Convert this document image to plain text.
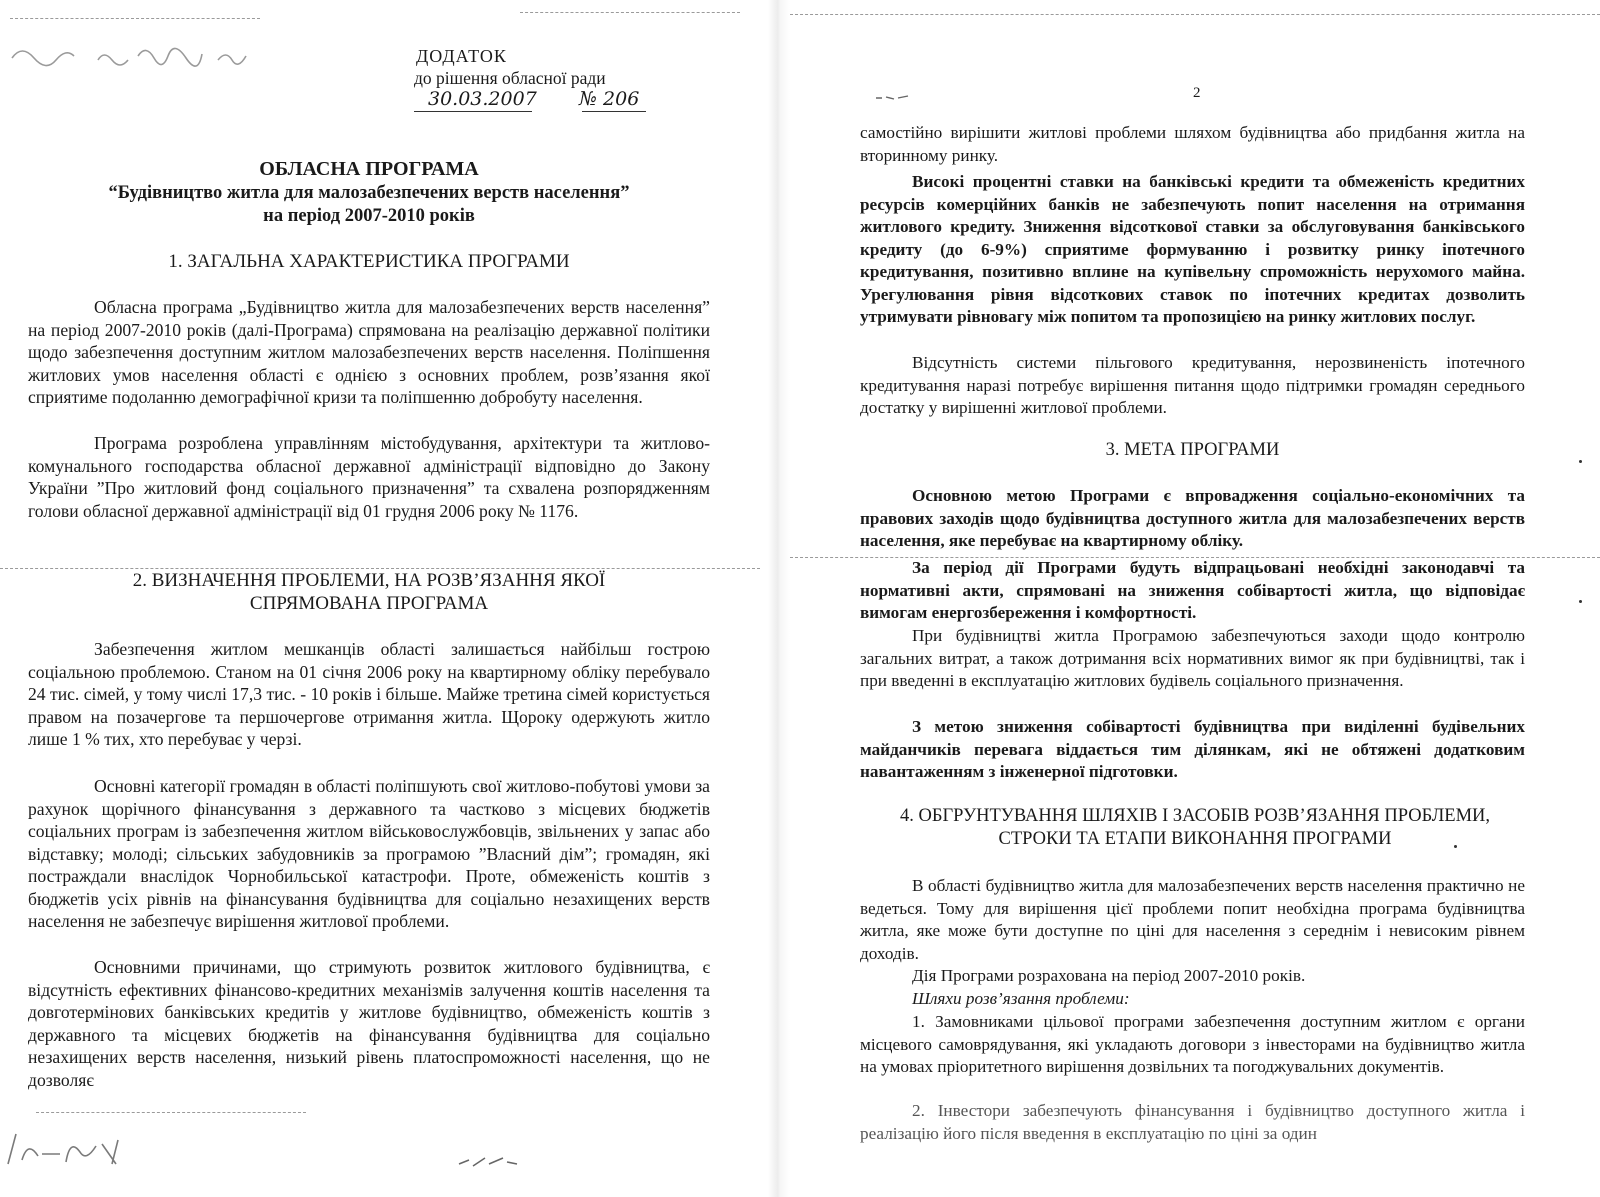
ДОДАТОК

до рішення обласної ради

30.03.2007 № 206

ОБЛАСНА ПРОГРАМА

“Будівництво житла для малозабезпечених верств населення”

на період 2007-2010 років

1. ЗАГАЛЬНА ХАРАКТЕРИСТИКА ПРОГРАМИ

Обласна програма „Будівництво житла для малозабезпечених верств населення” на період 2007-2010 років (далі-Програма) спрямована на реалізацію державної політики щодо забезпечення доступним житлом малозабезпечених верств населення. Поліпшення житлових умов населення області є однією з основних проблем, розв’язання якої сприятиме подоланню демографічної кризи та поліпшенню добробуту населення.

Програма розроблена управлінням містобудування, архітектури та житлово-комунального господарства обласної державної адміністрації відповідно до Закону України ”Про житловий фонд соціального призначення” та схвалена розпорядженням голови обласної державної адміністрації від 01 грудня 2006 року № 1176.

2. ВИЗНАЧЕННЯ ПРОБЛЕМИ, НА РОЗВ’ЯЗАННЯ ЯКОЇ

СПРЯМОВАНА ПРОГРАМА

Забезпечення житлом мешканців області залишається найбільш гострою соціальною проблемою. Станом на 01 січня 2006 року на квартирному обліку перебувало 24 тис. сімей, у тому числі 17,3 тис. - 10 років і більше. Майже третина сімей користується правом на позачергове та першочергове отримання житла. Щороку одержують житло лише 1 % тих, хто перебуває у черзі.

Основні категорії громадян в області поліпшують свої житлово-побутові умови за рахунок щорічного фінансування з державного та частково з місцевих бюджетів соціальних програм із забезпечення житлом військовослужбовців, звільнених у запас або відставку; молоді; сільських забудовників за програмою ”Власний дім”; громадян, які постраждали внаслідок Чорнобильської катастрофи. Проте, обмеженість коштів з бюджетів усіх рівнів на фінансування будівництва для соціально незахищених верств населення не забезпечує вирішення житлової проблеми.

Основними причинами, що стримують розвиток житлового будівництва, є відсутність ефективних фінансово-кредитних механізмів залучення коштів населення та довготермінових банківських кредитів у житлове будівництво, обмеженість коштів з державного та місцевих бюджетів на фінансування будівництва для соціально незахищених верств населення, низький рівень платоспроможності населення, що не дозволяє

2

самостійно вирішити житлові проблеми шляхом будівництва або придбання житла на вторинному ринку.

Високі процентні ставки на банківські кредити та обмеженість кредитних ресурсів комерційних банків не забезпечують попит населення на отримання житлового кредиту. Зниження відсоткової ставки за обслуговування банківського кредиту (до 6-9%) сприятиме формуванню і розвитку ринку іпотечного кредитування, позитивно вплине на купівельну спроможність нерухомого майна. Урегулювання рівня відсоткових ставок по іпотечних кредитах дозволить утримувати рівновагу між попитом та пропозицією на ринку житлових послуг.

Відсутність системи пільгового кредитування, нерозвиненість іпотечного кредитування наразі потребує вирішення питання щодо підтримки громадян середнього достатку у вирішенні житлової проблеми.

3. МЕТА ПРОГРАМИ

Основною метою Програми є впровадження соціально-економічних та правових заходів щодо будівництва доступного житла для малозабезпечених верств населення, яке перебуває на квартирному обліку.

За період дії Програми будуть відпрацьовані необхідні законодавчі та нормативні акти, спрямовані на зниження собівартості житла, що відповідає вимогам енергозбереження і комфортності.

При будівництві житла Програмою забезпечуються заходи щодо контролю загальних витрат, а також дотримання всіх нормативних вимог як при будівництві, так і при введенні в експлуатацію житлових будівель соціального призначення.

З метою зниження собівартості будівництва при виділенні будівельних майданчиків перевага віддається тим ділянкам, які не обтяжені додатковим навантаженням з інженерної підготовки.

4. ОБГРУНТУВАННЯ ШЛЯХІВ І ЗАСОБІВ РОЗВ’ЯЗАННЯ ПРОБЛЕМИ,

СТРОКИ ТА ЕТАПИ ВИКОНАННЯ ПРОГРАМИ

В області будівництво житла для малозабезпечених верств населення практично не ведеться. Тому для вирішення цієї проблеми попит необхідна програма будівництва житла, яке може бути доступне по ціні для населення з середнім і невисоким рівнем доходів.

Дія Програми розрахована на період 2007-2010 років.

Шляхи розв’язання проблеми:

1. Замовниками цільової програми забезпечення доступним житлом є органи місцевого самоврядування, які укладають договори з інвесторами на будівництво житла на умовах пріоритетного вирішення дозвільних та погоджувальних документів.

2. Інвестори забезпечують фінансування і будівництво доступного житла і реалізацію його після введення в експлуатацію по ціні за один
